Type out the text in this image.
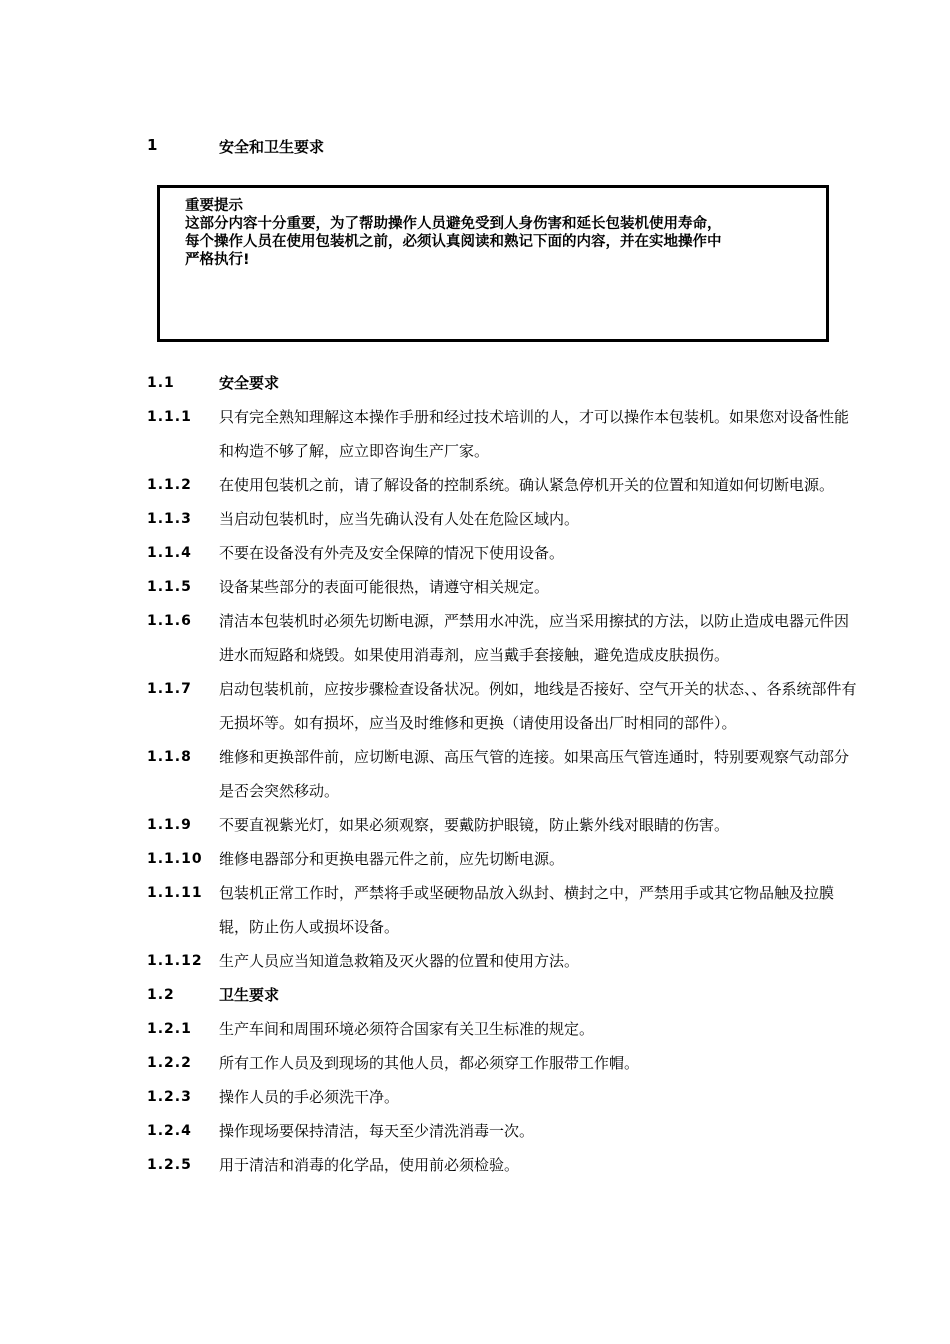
1	安全和卫生要求
重要提示
这部分内容十分重要，为了帮助操作人员避免受到人身伤害和延长包装机使用寿命，
每个操作人员在使用包装机之前，必须认真阅读和熟记下面的内容，并在实地操作中
严格执行!
1.1	安全要求
1.1.1	只有完全熟知理解这本操作手册和经过技术培训的人，才可以操作本包装机。如果您对设备性能和构造不够了解，应立即咨询生产厂家。
1.1.2	在使用包装机之前，请了解设备的控制系统。确认紧急停机开关的位置和知道如何切断电源。
1.1.3	当启动包装机时，应当先确认没有人处在危险区域内。
1.1.4	不要在设备没有外壳及安全保障的情况下使用设备。
1.1.5	设备某些部分的表面可能很热，请遵守相关规定。
1.1.6	清洁本包装机时必须先切断电源，严禁用水冲洗，应当采用擦拭的方法，以防止造成电器元件因进水而短路和烧毁。如果使用消毒剂，应当戴手套接触，避免造成皮肤损伤。
1.1.7	启动包装机前，应按步骤检查设备状况。例如，地线是否接好、空气开关的状态、、各系统部件有无损坏等。如有损坏，应当及时维修和更换（请使用设备出厂时相同的部件）。
1.1.8	维修和更换部件前，应切断电源、高压气管的连接。如果高压气管连通时，特别要观察气动部分是否会突然移动。
1.1.9	不要直视紫光灯，如果必须观察，要戴防护眼镜，防止紫外线对眼睛的伤害。
1.1.10	维修电器部分和更换电器元件之前，应先切断电源。
1.1.11	包装机正常工作时，严禁将手或坚硬物品放入纵封、横封之中，严禁用手或其它物品触及拉膜辊，防止伤人或损坏设备。
1.1.12	生产人员应当知道急救箱及灭火器的位置和使用方法。
1.2	卫生要求
1.2.1	生产车间和周围环境必须符合国家有关卫生标准的规定。
1.2.2	所有工作人员及到现场的其他人员，都必须穿工作服带工作帽。
1.2.3	操作人员的手必须洗干净。
1.2.4	操作现场要保持清洁，每天至少清洗消毒一次。
1.2.5	用于清洁和消毒的化学品，使用前必须检验。
